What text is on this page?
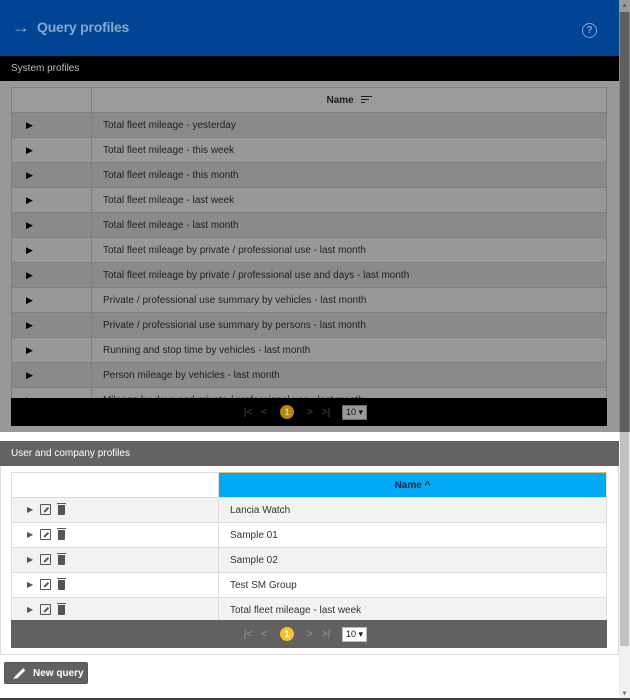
→ Query profiles	?
System profiles
	Name

▶	Total fleet mileage - yesterday
▶	Total fleet mileage - this week
▶	Total fleet mileage - this month
▶	Total fleet mileage - last week
▶	Total fleet mileage - last month
▶	Total fleet mileage by private / professional use - last month
▶	Total fleet mileage by private / professional use and days - last month
▶	Private / professional use summary by vehicles - last month
▶	Private / professional use summary by persons - last month
▶	Running and stop time by vehicles - last month
▶	Person mileage by vehicles - last month

|< <	1	> >|	10 ▾
User and company profiles
	Name ^
▶	Lancia Watch
▶	Sample 01
▶	Sample 02
▶	Test SM Group
▶	Total fleet mileage - last week
|< <	1	> >|	10 ▾
New query
▲
▼
